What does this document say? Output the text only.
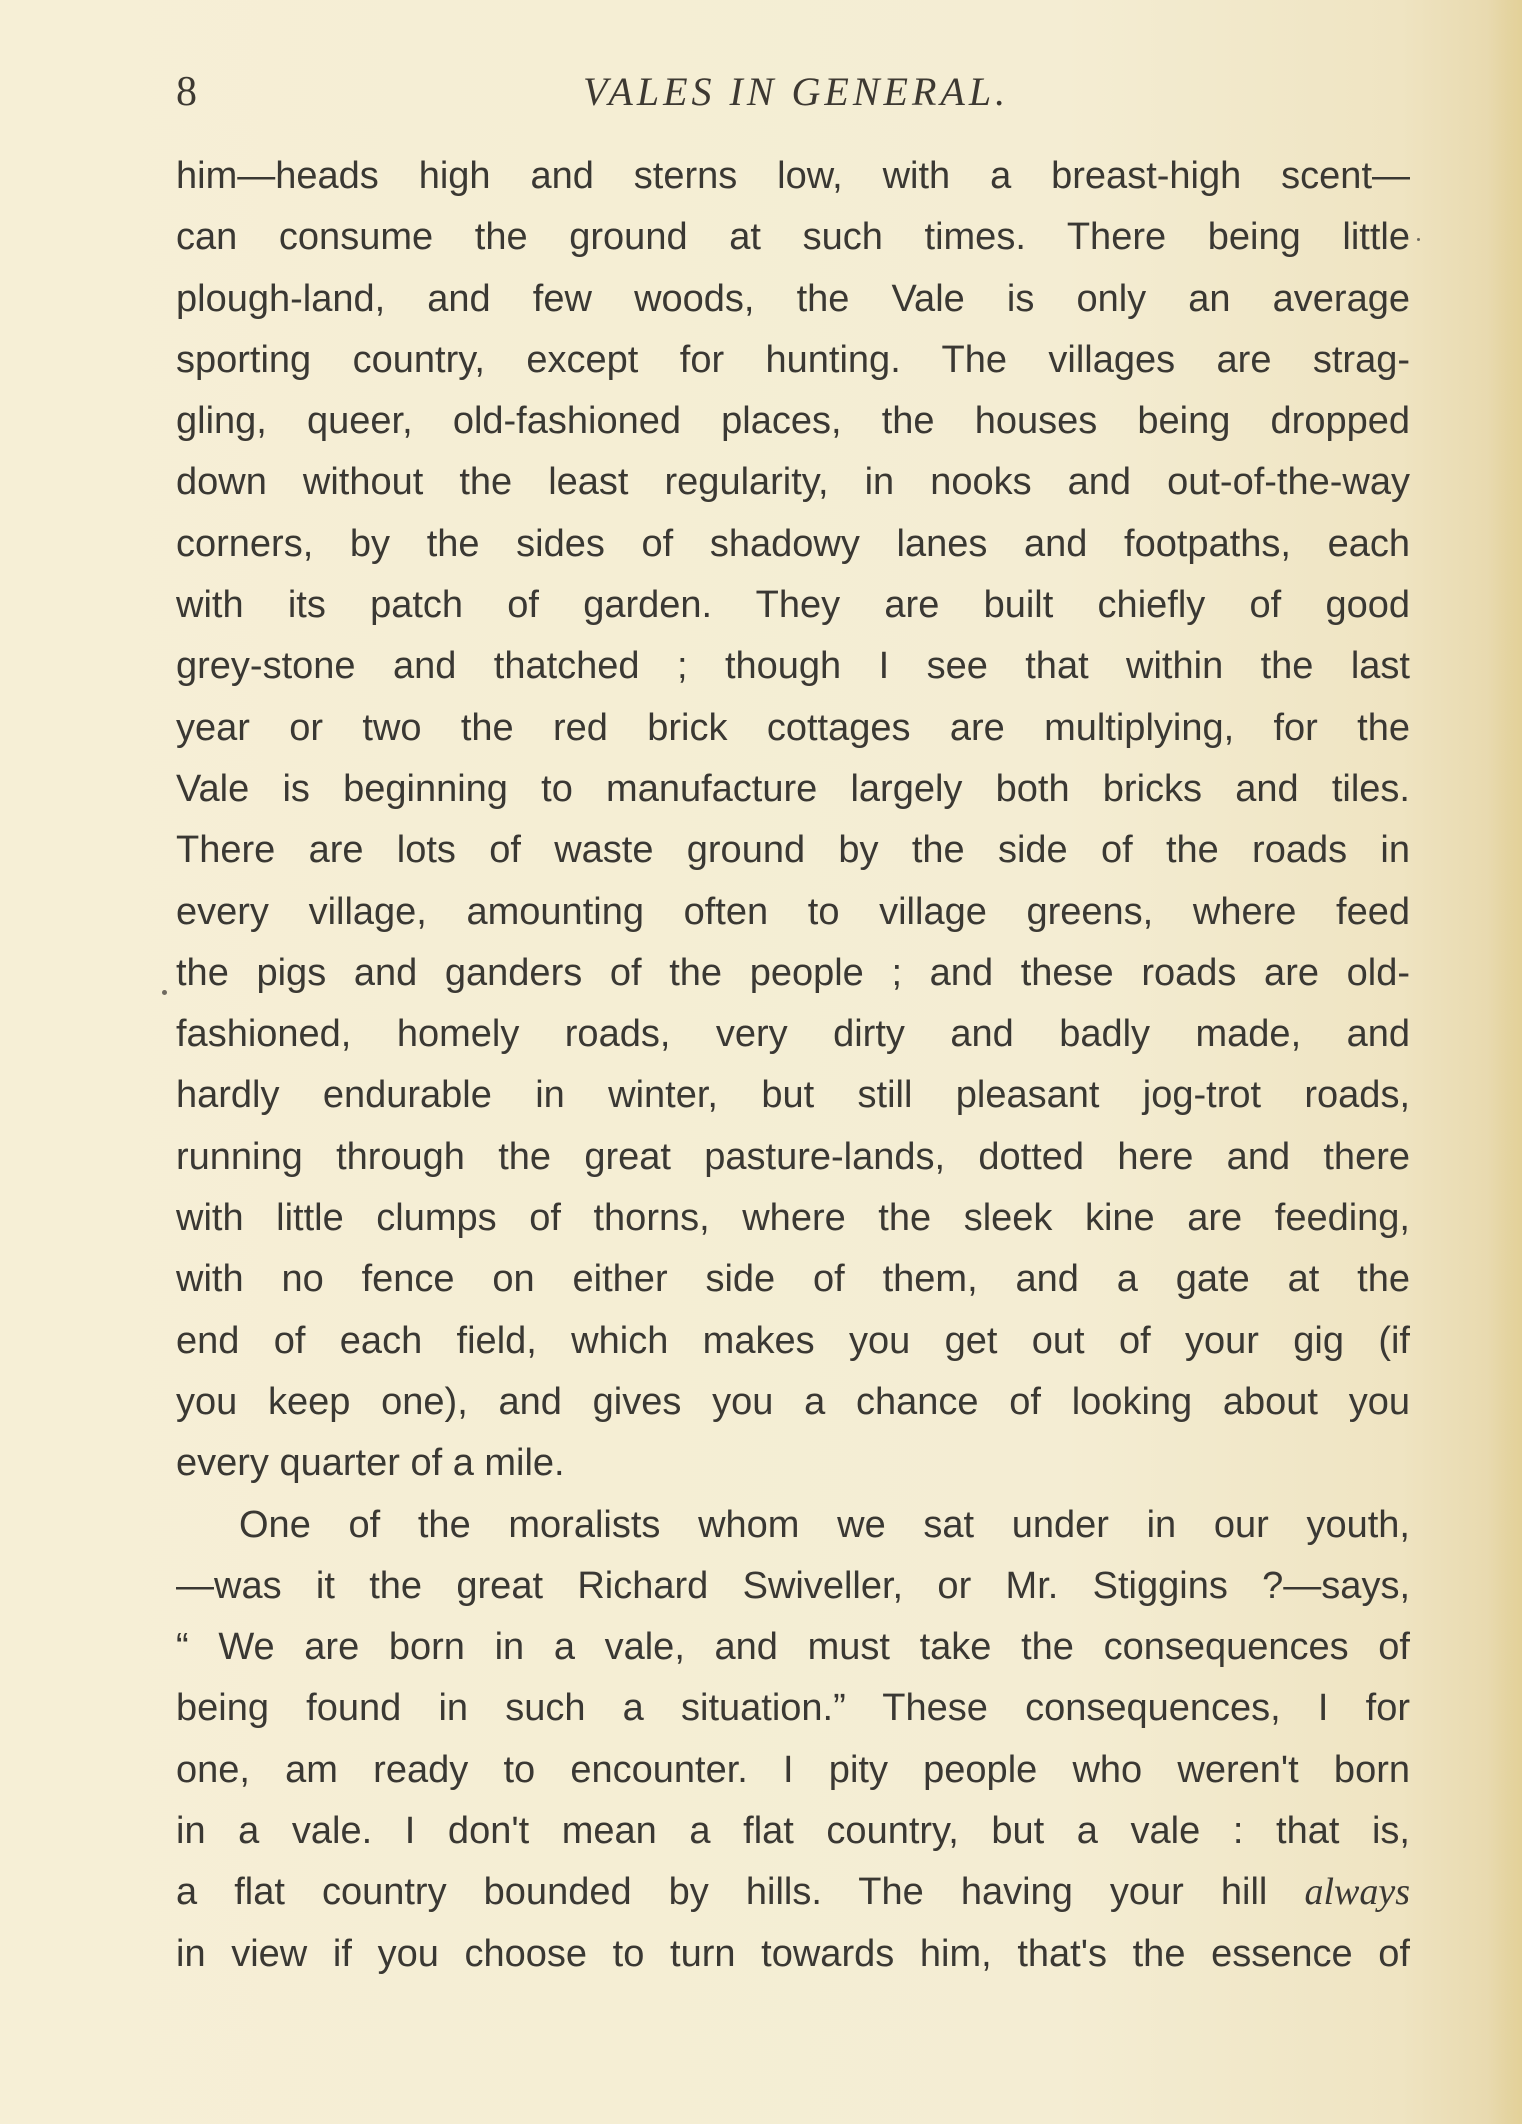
8	VALES IN GENERAL.
him—heads high and sterns low, with a breast-high scent—
can consume the ground at such times. There being little
plough-land, and few woods, the Vale is only an average
sporting country, except for hunting. The villages are strag-
gling, queer, old-fashioned places, the houses being dropped
down without the least regularity, in nooks and out-of-the-way
corners, by the sides of shadowy lanes and footpaths, each
with its patch of garden. They are built chiefly of good
grey-stone and thatched ; though I see that within the last
year or two the red brick cottages are multiplying, for the
Vale is beginning to manufacture largely both bricks and tiles.
There are lots of waste ground by the side of the roads in
every village, amounting often to village greens, where feed
the pigs and ganders of the people ; and these roads are old-
fashioned, homely roads, very dirty and badly made, and
hardly endurable in winter, but still pleasant jog-trot roads,
running through the great pasture-lands, dotted here and there
with little clumps of thorns, where the sleek kine are feeding,
with no fence on either side of them, and a gate at the
end of each field, which makes you get out of your gig (if
you keep one), and gives you a chance of looking about you
every quarter of a mile.
One of the moralists whom we sat under in our youth,
—was it the great Richard Swiveller, or Mr. Stiggins ?—says,
“ We are born in a vale, and must take the consequences of
being found in such a situation.” These consequences, I for
one, am ready to encounter. I pity people who weren't born
in a vale. I don't mean a flat country, but a vale : that is,
a flat country bounded by hills. The having your hill always
in view if you choose to turn towards him, that's the essence of
